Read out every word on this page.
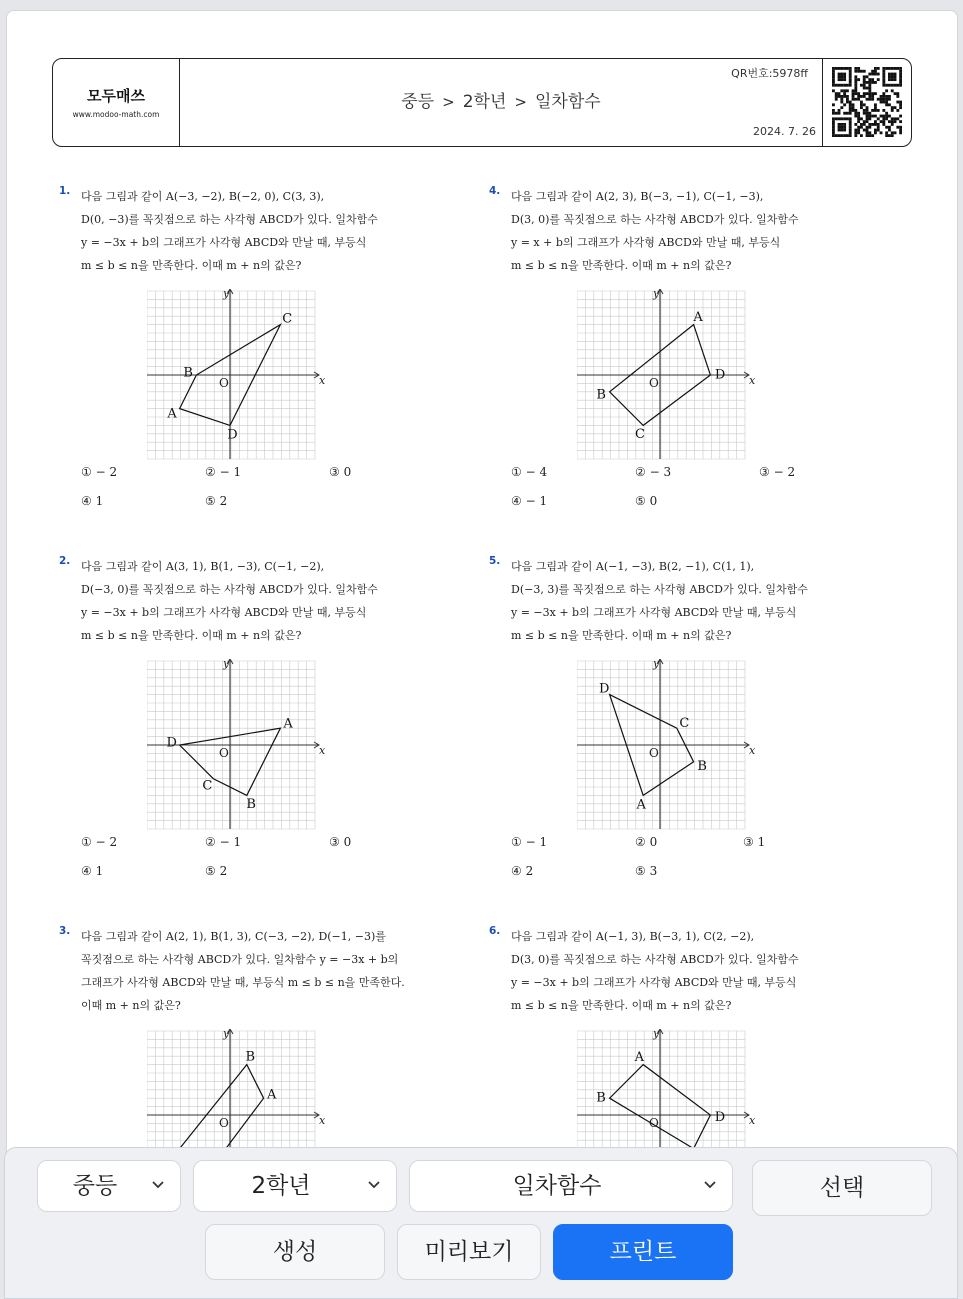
모두매쓰
www.modoo-math.com
중등 > 2학년 > 일차함수
QR번호:5978ff
2024. 7. 26
1. 다음 그림과 같이 A(−3, −2), B(−2, 0), C(3, 3),
D(0, −3)를 꼭짓점으로 하는 사각형 ABCD가 있다. 일차함수
y = −3x + b의 그래프가 사각형 ABCD와 만날 때, 부등식
m ≤ b ≤ n을 만족한다. 이때 m + n의 값은?
x
y
O
A
B
C
D
① − 2	② − 1	③ 0
④ 1	⑤ 2
2. 다음 그림과 같이 A(3, 1), B(1, −3), C(−1, −2),
D(−3, 0)를 꼭짓점으로 하는 사각형 ABCD가 있다. 일차함수
y = −3x + b의 그래프가 사각형 ABCD와 만날 때, 부등식
m ≤ b ≤ n을 만족한다. 이때 m + n의 값은?
x
y
O
A
B
C
D
① − 2	② − 1	③ 0
④ 1	⑤ 2
3. 다음 그림과 같이 A(2, 1), B(1, 3), C(−3, −2), D(−1, −3)를
꼭짓점으로 하는 사각형 ABCD가 있다. 일차함수 y = −3x + b의
그래프가 사각형 ABCD와 만날 때, 부등식 m ≤ b ≤ n을 만족한다.
이때 m + n의 값은?
x
y
O
A
B
4. 다음 그림과 같이 A(2, 3), B(−3, −1), C(−1, −3),
D(3, 0)를 꼭짓점으로 하는 사각형 ABCD가 있다. 일차함수
y = x + b의 그래프가 사각형 ABCD와 만날 때, 부등식
m ≤ b ≤ n을 만족한다. 이때 m + n의 값은?
x
y
O
A
B
C
D
① − 4	② − 3	③ − 2
④ − 1	⑤ 0
5. 다음 그림과 같이 A(−1, −3), B(2, −1), C(1, 1),
D(−3, 3)를 꼭짓점으로 하는 사각형 ABCD가 있다. 일차함수
y = −3x + b의 그래프가 사각형 ABCD와 만날 때, 부등식
m ≤ b ≤ n을 만족한다. 이때 m + n의 값은?
x
y
O
A
B
C
D
① − 1	② 0	③ 1
④ 2	⑤ 3
6. 다음 그림과 같이 A(−1, 3), B(−3, 1), C(2, −2),
D(3, 0)를 꼭짓점으로 하는 사각형 ABCD가 있다. 일차함수
y = −3x + b의 그래프가 사각형 ABCD와 만날 때, 부등식
m ≤ b ≤ n을 만족한다. 이때 m + n의 값은?
x
y
O
A
B
D
중등	2학년	일차함수	선택
생성	미리보기	프린트
